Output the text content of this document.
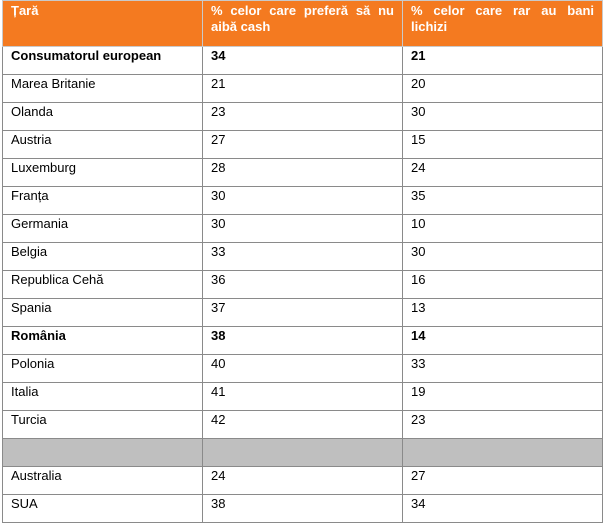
Țară	% celor care preferă să nu aibă cash	% celor care rar au bani lichizi
Consumatorul european	34	21
Marea Britanie	21	20
Olanda	23	30
Austria	27	15
Luxemburg	28	24
Franța	30	35
Germania	30	10
Belgia	33	30
Republica Cehă	36	16
Spania	37	13
România	38	14
Polonia	40	33
Italia	41	19
Turcia	42	23

Australia	24	27
SUA	38	34
